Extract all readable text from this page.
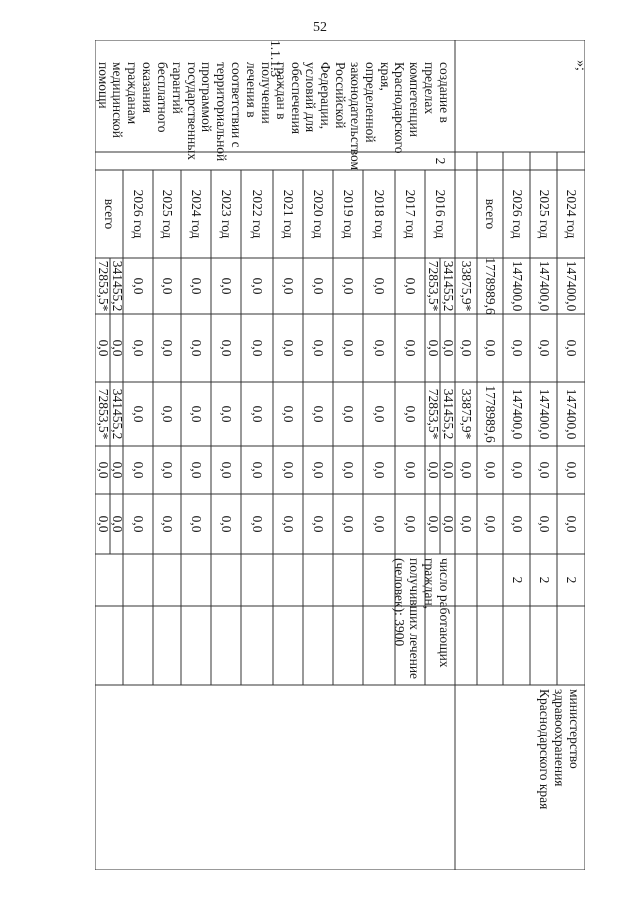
52
»;
2024 год
147400,0
0,0
147400,0
0,0
0,0
2
2025 год
147400,0
0,0
147400,0
0,0
0,0
2
2026 год
147400,0
0,0
147400,0
0,0
0,0
2
всего
1778989,6
0,0
1778989,6
0,0
0,0
33875,9*
0,0
33875,9*
0,0
0,0
министерство здравоохранения Краснодарского края
1.1.1.3
создание в пределах компетенции Краснодарского края, определенной законодательством Российской Федерации, условий для обеспечения граждан в получении лечения в соответствии с территориальной программой государственных гарантий бесплатного оказания гражданам медицинской помощи
2
2016 год
341455,2
0,0
341455,2
0,0
0,0
72853,5*
0,0
72853,5*
0,0
0,0
2017 год
0,0
0,0
0,0
0,0
0,0
2018 год
0,0
0,0
0,0
0,0
0,0
2019 год
0,0
0,0
0,0
0,0
0,0
2020 год
0,0
0,0
0,0
0,0
0,0
2021 год
0,0
0,0
0,0
0,0
0,0
2022 год
0,0
0,0
0,0
0,0
0,0
2023 год
0,0
0,0
0,0
0,0
0,0
2024 год
0,0
0,0
0,0
0,0
0,0
2025 год
0,0
0,0
0,0
0,0
0,0
2026 год
0,0
0,0
0,0
0,0
0,0
всего
341455,2
0,0
341455,2
0,0
0,0
72853,5*
0,0
72853,5*
0,0
0,0
число работающих граждан, получивших лечение (человек): 3900
